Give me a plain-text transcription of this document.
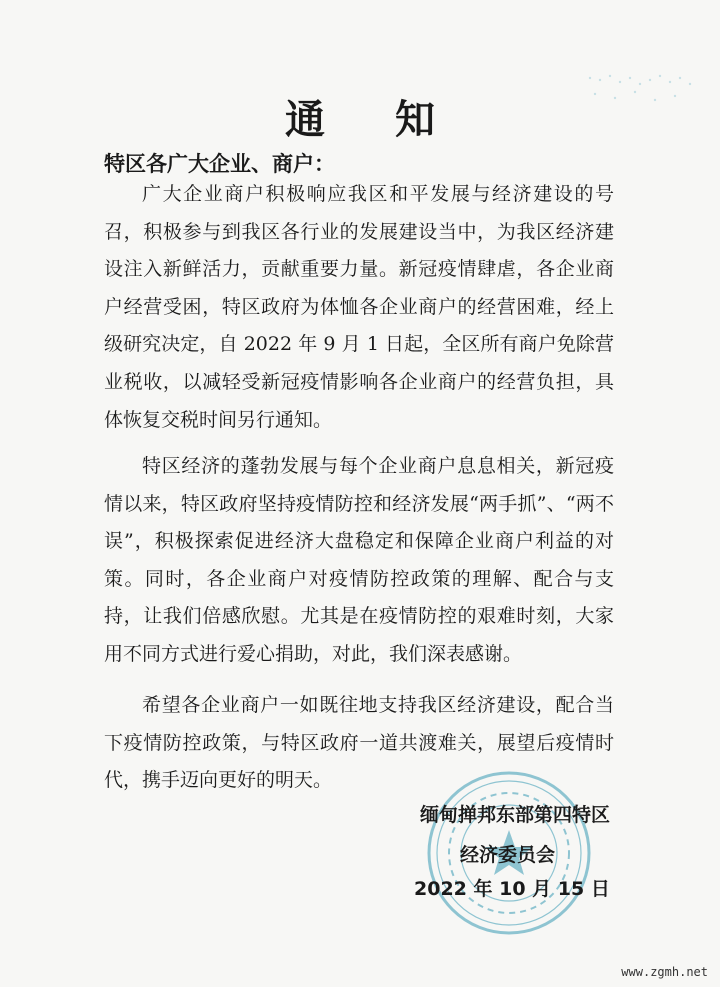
通 知
特区各广大企业、商户：
广大企业商户积极响应我区和平发展与经济建设的号召，积极参与到我区各行业的发展建设当中，为我区经济建设注入新鲜活力，贡献重要力量。新冠疫情肆虐，各企业商户经营受困，特区政府为体恤各企业商户的经营困难，经上级研究决定，自 2022 年 9 月 1 日起，全区所有商户免除营业税收，以减轻受新冠疫情影响各企业商户的经营负担，具体恢复交税时间另行通知。
特区经济的蓬勃发展与每个企业商户息息相关，新冠疫情以来，特区政府坚持疫情防控和经济发展“两手抓”、“两不误”，积极探索促进经济大盘稳定和保障企业商户利益的对策。同时，各企业商户对疫情防控政策的理解、配合与支持，让我们倍感欣慰。尤其是在疫情防控的艰难时刻，大家用不同方式进行爱心捐助，对此，我们深表感谢。
希望各企业商户一如既往地支持我区经济建设，配合当下疫情防控政策，与特区政府一道共渡难关，展望后疫情时代，携手迈向更好的明天。
缅甸掸邦东部第四特区
经济委员会
2022 年 10 月 15 日
www.zgmh.net
